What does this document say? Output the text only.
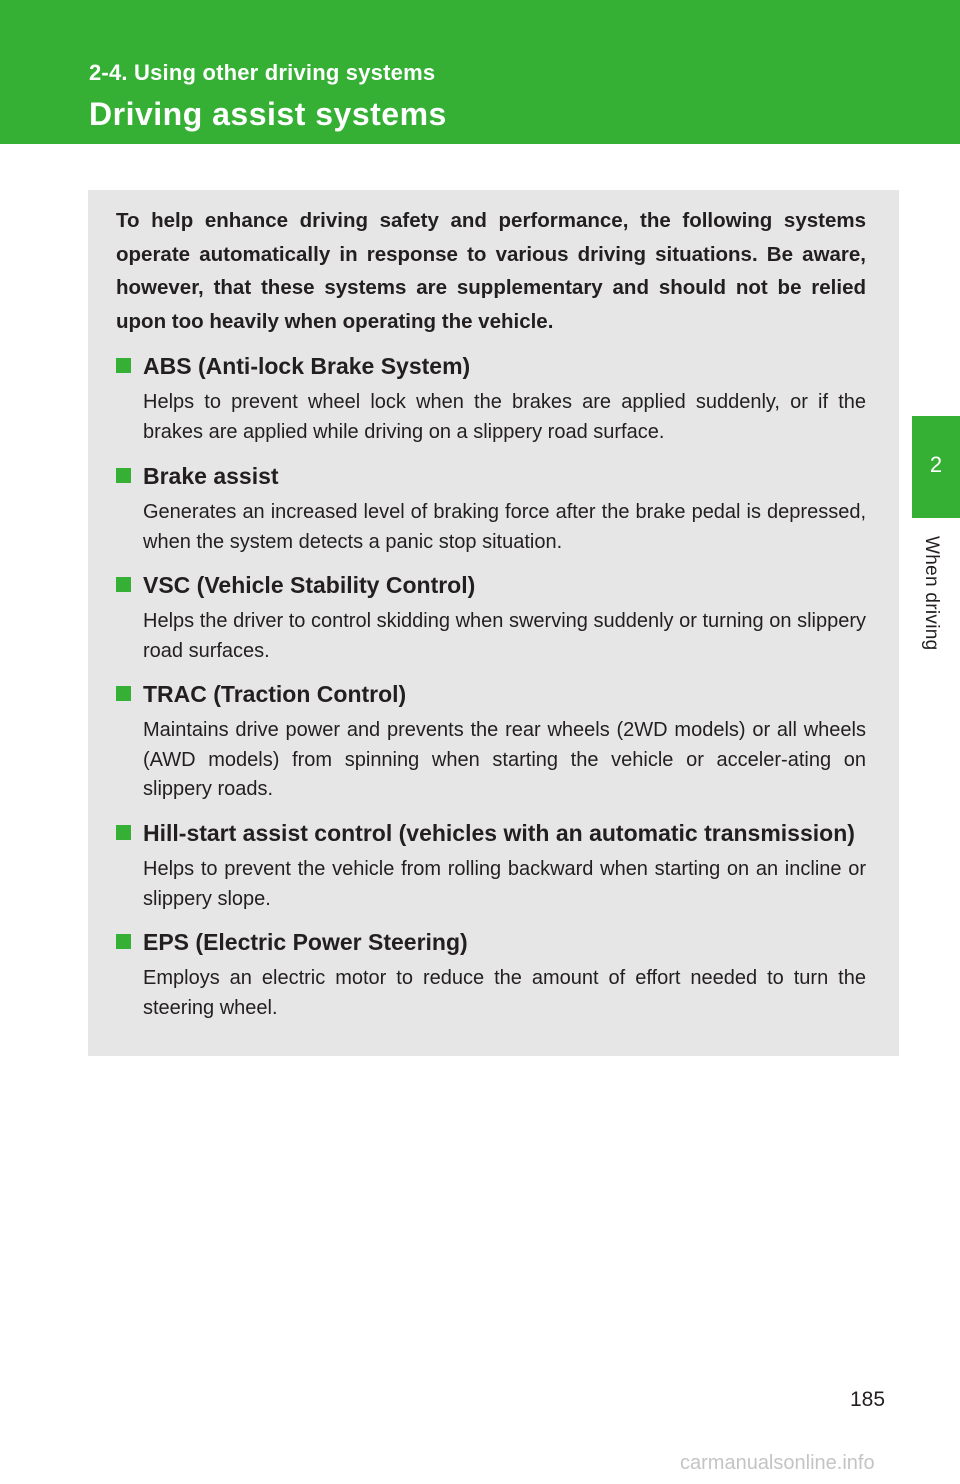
2-4. Using other driving systems
Driving assist systems
2
When driving
To help enhance driving safety and performance, the following systems operate automatically in response to various driving situations. Be aware, however, that these systems are supplementary and should not be relied upon too heavily when operating the vehicle.
ABS (Anti-lock Brake System)
Helps to prevent wheel lock when the brakes are applied suddenly, or if the brakes are applied while driving on a slippery road surface.
Brake assist
Generates an increased level of braking force after the brake pedal is depressed, when the system detects a panic stop situation.
VSC (Vehicle Stability Control)
Helps the driver to control skidding when swerving suddenly or turning on slippery road surfaces.
TRAC (Traction Control)
Maintains drive power and prevents the rear wheels (2WD models) or all wheels (AWD models) from spinning when starting the vehicle or acceler-ating on slippery roads.
Hill-start assist control (vehicles with an automatic transmission)
Helps to prevent the vehicle from rolling backward when starting on an incline or slippery slope.
EPS (Electric Power Steering)
Employs an electric motor to reduce the amount of effort needed to turn the steering wheel.
185
carmanualsonline.info
